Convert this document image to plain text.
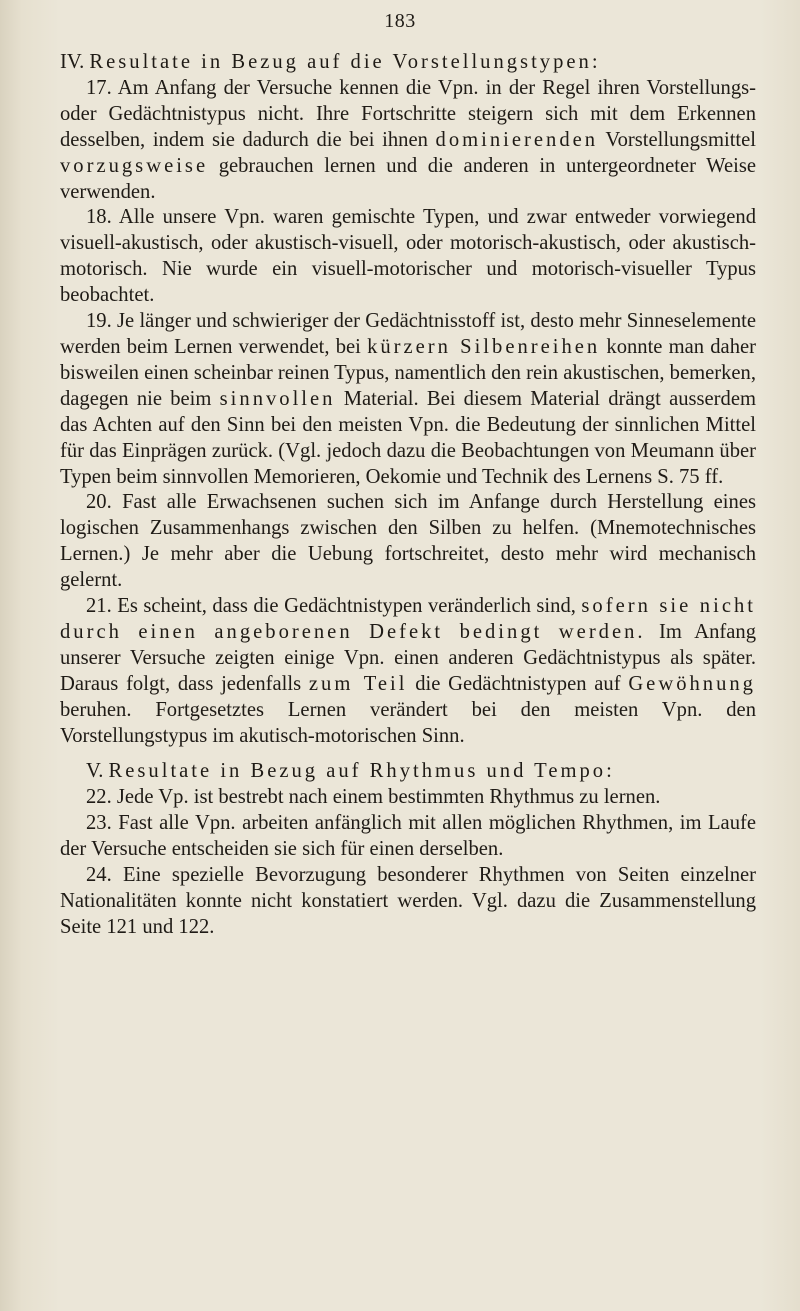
183

IV. Resultate in Bezug auf die Vorstellungstypen:

17. Am Anfang der Versuche kennen die Vpn. in der Regel ihren Vorstellungs- oder Gedächtnistypus nicht. Ihre Fortschritte steigern sich mit dem Erkennen desselben, indem sie dadurch die bei ihnen dominierenden Vorstellungsmittel vorzugsweise gebrauchen lernen und die anderen in untergeordneter Weise verwenden.

18. Alle unsere Vpn. waren gemischte Typen, und zwar entweder vorwiegend visuell-akustisch, oder akustisch-visuell, oder motorisch-akustisch, oder akustisch-motorisch. Nie wurde ein visuell-motorischer und motorisch-visueller Typus beobachtet.

19. Je länger und schwieriger der Gedächtnisstoff ist, desto mehr Sinneselemente werden beim Lernen verwendet, bei kürzern Silbenreihen konnte man daher bisweilen einen scheinbar reinen Typus, namentlich den rein akustischen, bemerken, dagegen nie beim sinnvollen Material. Bei diesem Material drängt ausserdem das Achten auf den Sinn bei den meisten Vpn. die Bedeutung der sinnlichen Mittel für das Einprägen zurück. (Vgl. jedoch dazu die Beobachtungen von Meumann über Typen beim sinnvollen Memorieren, Oekomie und Technik des Lernens S. 75 ff.

20. Fast alle Erwachsenen suchen sich im Anfange durch Herstellung eines logischen Zusammenhangs zwischen den Silben zu helfen. (Mnemotechnisches Lernen.) Je mehr aber die Uebung fortschreitet, desto mehr wird mechanisch gelernt.

21. Es scheint, dass die Gedächtnistypen veränderlich sind, sofern sie nicht durch einen angeborenen Defekt bedingt werden. Im Anfang unserer Versuche zeigten einige Vpn. einen anderen Gedächtnistypus als später. Daraus folgt, dass jedenfalls zum Teil die Gedächtnistypen auf Gewöhnung beruhen. Fortgesetztes Lernen verändert bei den meisten Vpn. den Vorstellungstypus im akutisch-motorischen Sinn.

V. Resultate in Bezug auf Rhythmus und Tempo:

22. Jede Vp. ist bestrebt nach einem bestimmten Rhythmus zu lernen.

23. Fast alle Vpn. arbeiten anfänglich mit allen möglichen Rhythmen, im Laufe der Versuche entscheiden sie sich für einen derselben.

24. Eine spezielle Bevorzugung besonderer Rhythmen von Seiten einzelner Nationalitäten konnte nicht konstatiert werden. Vgl. dazu die Zusammenstellung Seite 121 und 122.
